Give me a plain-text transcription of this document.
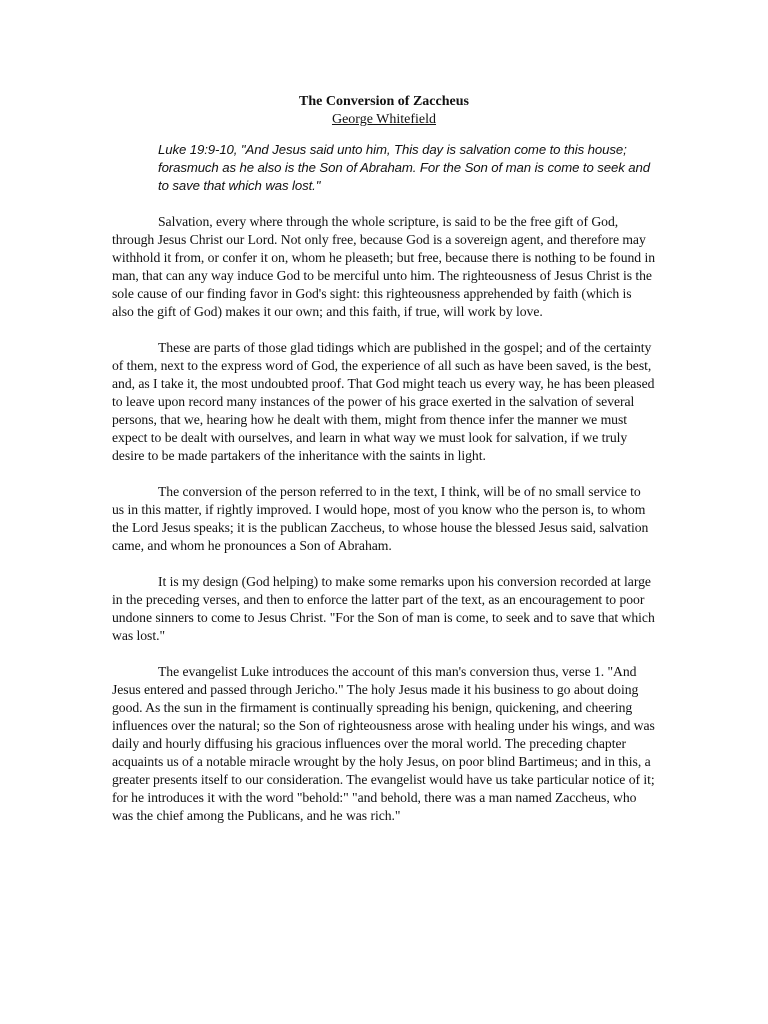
The Conversion of Zaccheus

George Whitefield

Luke 19:9-10, "And Jesus said unto him, This day is salvation come to this house; forasmuch as he also is the Son of Abraham. For the Son of man is come to seek and to save that which was lost."

Salvation, every where through the whole scripture, is said to be the free gift of God, through Jesus Christ our Lord. Not only free, because God is a sovereign agent, and therefore may withhold it from, or confer it on, whom he pleaseth; but free, because there is nothing to be found in man, that can any way induce God to be merciful unto him. The righteousness of Jesus Christ is the sole cause of our finding favor in God's sight: this righteousness apprehended by faith (which is also the gift of God) makes it our own; and this faith, if true, will work by love.

These are parts of those glad tidings which are published in the gospel; and of the certainty of them, next to the express word of God, the experience of all such as have been saved, is the best, and, as I take it, the most undoubted proof. That God might teach us every way, he has been pleased to leave upon record many instances of the power of his grace exerted in the salvation of several persons, that we, hearing how he dealt with them, might from thence infer the manner we must expect to be dealt with ourselves, and learn in what way we must look for salvation, if we truly desire to be made partakers of the inheritance with the saints in light.

The conversion of the person referred to in the text, I think, will be of no small service to us in this matter, if rightly improved. I would hope, most of you know who the person is, to whom the Lord Jesus speaks; it is the publican Zaccheus, to whose house the blessed Jesus said, salvation came, and whom he pronounces a Son of Abraham.

It is my design (God helping) to make some remarks upon his conversion recorded at large in the preceding verses, and then to enforce the latter part of the text, as an encouragement to poor undone sinners to come to Jesus Christ. "For the Son of man is come, to seek and to save that which was lost."

The evangelist Luke introduces the account of this man's conversion thus, verse 1. "And Jesus entered and passed through Jericho." The holy Jesus made it his business to go about doing good. As the sun in the firmament is continually spreading his benign, quickening, and cheering influences over the natural; so the Son of righteousness arose with healing under his wings, and was daily and hourly diffusing his gracious influences over the moral world. The preceding chapter acquaints us of a notable miracle wrought by the holy Jesus, on poor blind Bartimeus; and in this, a greater presents itself to our consideration. The evangelist would have us take particular notice of it; for he introduces it with the word "behold:" "and behold, there was a man named Zaccheus, who was the chief among the Publicans, and he was rich."
